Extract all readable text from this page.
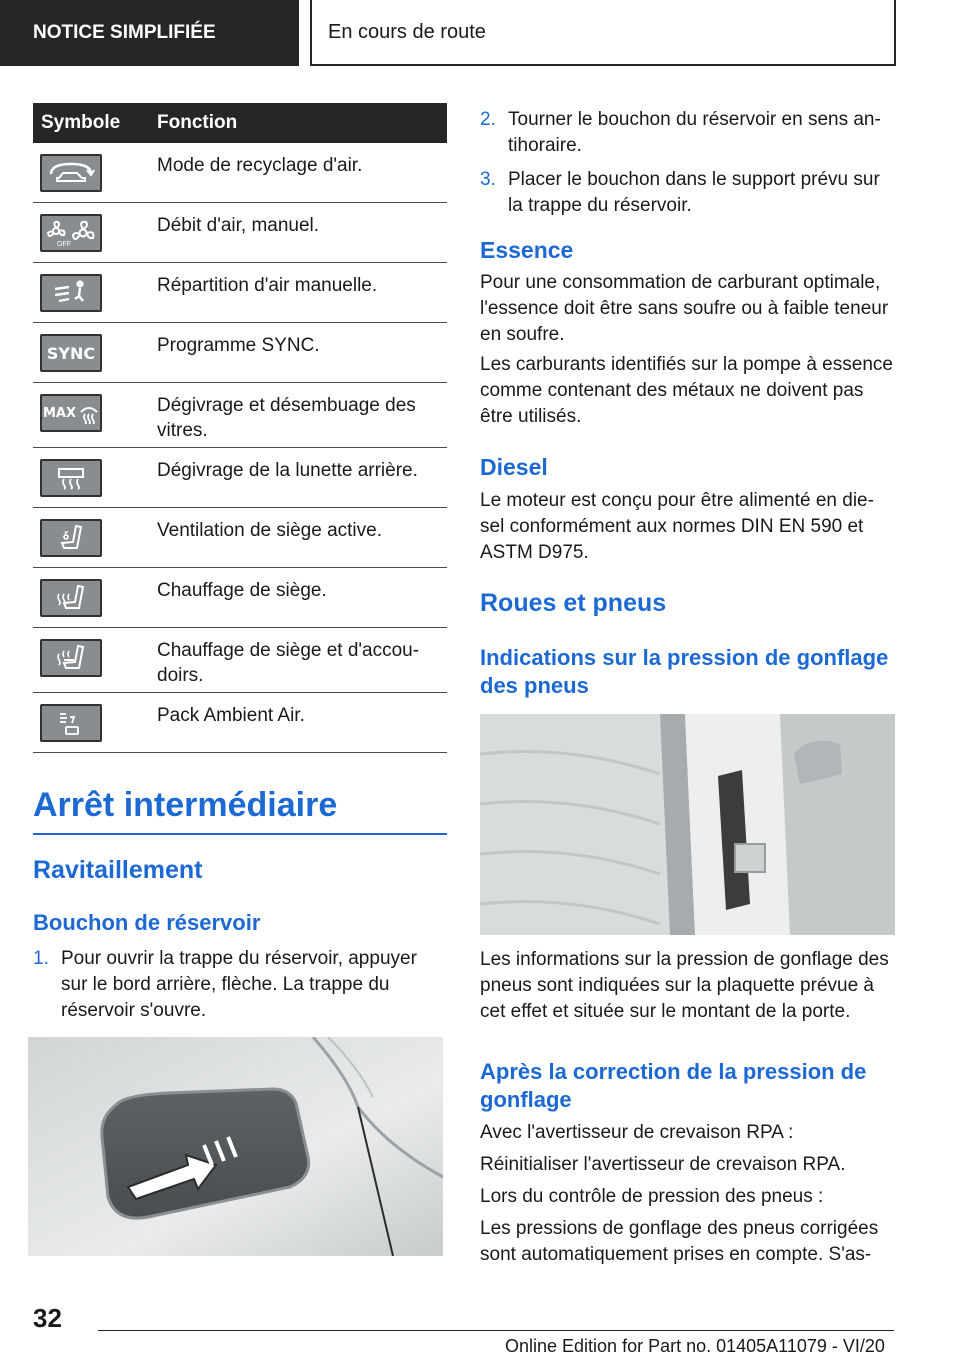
NOTICE SIMPLIFIÉE	En cours de route
Symbole	Fonction
Mode de recyclage d'air.
OFF
Débit d'air, manuel.
Répartition d'air manuelle.
SYNC	Programme SYNC.
MAX	Dégivrage et désembuage des vitres.
Dégivrage de la lunette arrière.
Ventilation de siège active.
Chauffage de siège.
Chauffage de siège et d'accou-doirs.
Pack Ambient Air.
Arrêt intermédiaire
Ravitaillement
Bouchon de réservoir
1. Pour ouvrir la trappe du réservoir, appuyer sur le bord arrière, flèche. La trappe du réservoir s'ouvre.
2. Tourner le bouchon du réservoir en sens an-tihoraire.
3. Placer le bouchon dans le support prévu sur la trappe du réservoir.
Essence
Pour une consommation de carburant optimale, l'essence doit être sans soufre ou à faible teneur en soufre.
Les carburants identifiés sur la pompe à essence comme contenant des métaux ne doivent pas être utilisés.
Diesel
Le moteur est conçu pour être alimenté en die-sel conformément aux normes DIN EN 590 et ASTM D975.
Roues et pneus
Indications sur la pression de gonflage des pneus
Les informations sur la pression de gonflage des pneus sont indiquées sur la plaquette prévue à cet effet et située sur le montant de la porte.
Après la correction de la pression de gonflage
Avec l'avertisseur de crevaison RPA :
Réinitialiser l'avertisseur de crevaison RPA.
Lors du contrôle de pression des pneus :
Les pressions de gonflage des pneus corrigées sont automatiquement prises en compte. S'as-
32
Online Edition for Part no. 01405A11079 - VI/20
